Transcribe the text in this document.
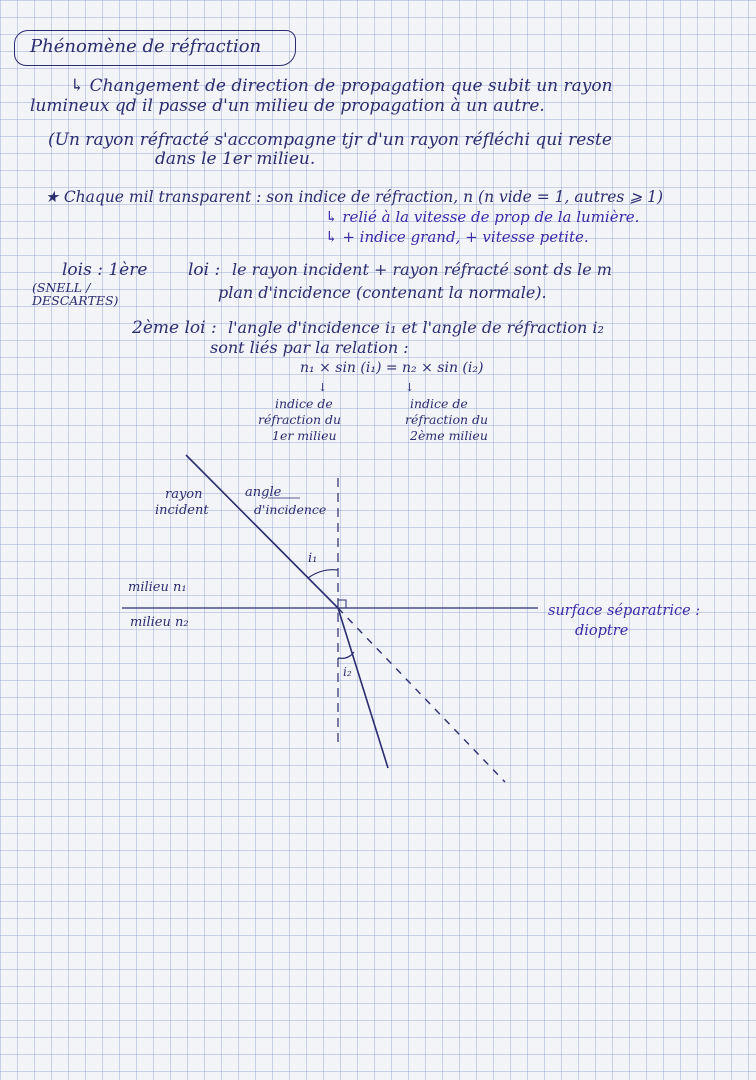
Phénomène de réfraction
↳ Changement de direction de propagation que subit un rayon
lumineux qd il passe d'un milieu de propagation à un autre.
(Un rayon réfracté s'accompagne tjr d'un rayon réfléchi qui reste
dans le 1er milieu.
★ Chaque mil transparent : son indice de réfraction, n (n vide = 1, autres ⩾ 1)
↳ relié à la vitesse de prop de la lumière.
↳ + indice grand, + vitesse petite.
lois : 1ère
(SNELL / DESCARTES)
loi : le rayon incident + rayon réfracté sont ds le m
plan d'incidence (contenant la normale).
2ème loi : l'angle d'incidence i₁ et l'angle de réfraction i₂
sont liés par la relation :
n₁ × sin (i₁) = n₂ × sin (i₂)
↓	↓
indice de
réfraction du
1er milieu
indice de
réfraction du
2ème milieu
rayon
incident
angle
d'incidence
i₁
i₂
milieu n₁
milieu n₂
surface séparatrice :
dioptre
